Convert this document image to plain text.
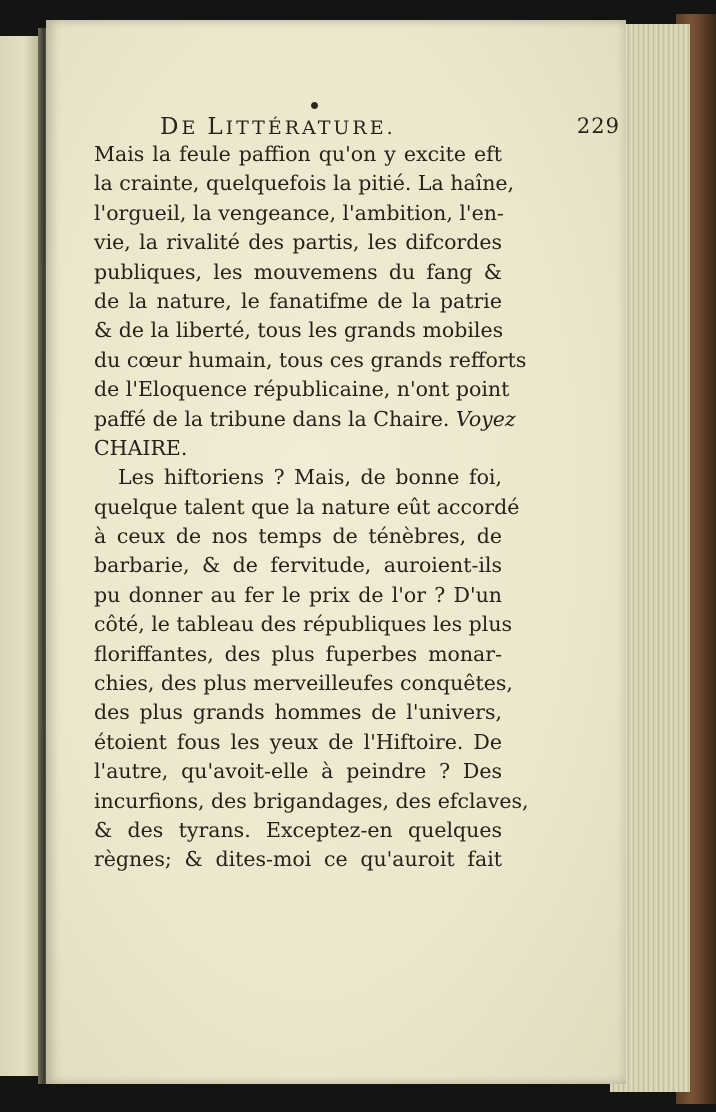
DE LITTÉRATURE.	229
Mais la feule paffion qu'on y excite eft
la crainte, quelquefois la pitié. La haîne,
l'orgueil, la vengeance, l'ambition, l'en-
vie, la rivalité des partis, les difcordes
publiques, les mouvemens du fang &
de la nature, le fanatifme de la patrie
& de la liberté, tous les grands mobiles
du cœur humain, tous ces grands refforts
de l'Eloquence républicaine, n'ont point
paffé de la tribune dans la Chaire. Voyez
CHAIRE.
Les hiftoriens ? Mais, de bonne foi,
quelque talent que la nature eût accordé
à ceux de nos temps de ténèbres, de
barbarie, & de fervitude, auroient-ils
pu donner au fer le prix de l'or ? D'un
côté, le tableau des républiques les plus
floriffantes, des plus fuperbes monar-
chies, des plus merveilleufes conquêtes,
des plus grands hommes de l'univers,
étoient fous les yeux de l'Hiftoire. De
l'autre, qu'avoit-elle à peindre ? Des
incurfions, des brigandages, des efclaves,
& des tyrans. Exceptez-en quelques
règnes; & dites-moi ce qu'auroit fait
